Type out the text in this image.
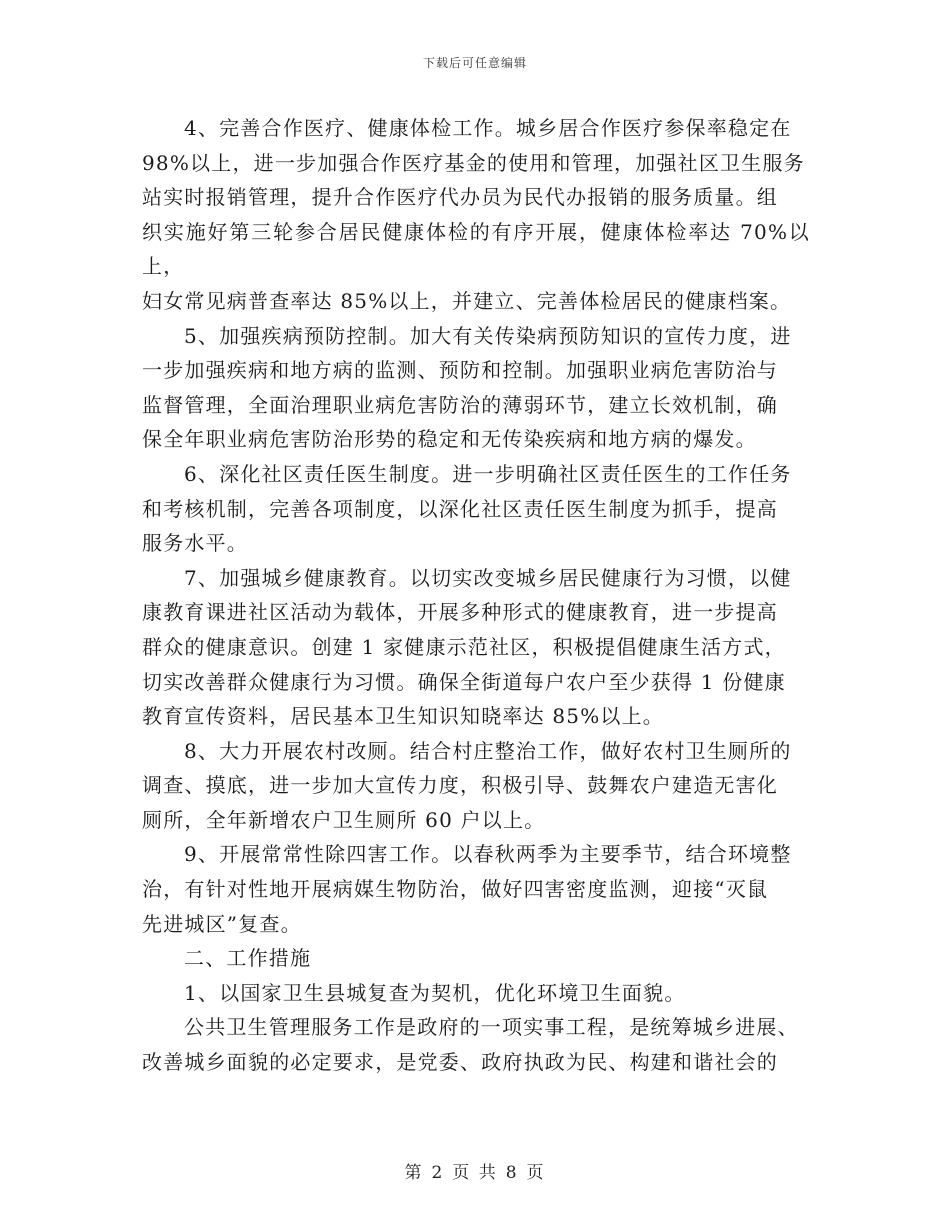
下载后可任意编辑

4、完善合作医疗、健康体检工作。城乡居合作医疗参保率稳定在
98%以上，进一步加强合作医疗基金的使用和管理，加强社区卫生服务
站实时报销管理，提升合作医疗代办员为民代办报销的服务质量。组
织实施好第三轮参合居民健康体检的有序开展，健康体检率达 70%以上，
妇女常见病普查率达 85%以上，并建立、完善体检居民的健康档案。

5、加强疾病预防控制。加大有关传染病预防知识的宣传力度，进
一步加强疾病和地方病的监测、预防和控制。加强职业病危害防治与
监督管理，全面治理职业病危害防治的薄弱环节，建立长效机制，确
保全年职业病危害防治形势的稳定和无传染疾病和地方病的爆发。

6、深化社区责任医生制度。进一步明确社区责任医生的工作任务
和考核机制，完善各项制度，以深化社区责任医生制度为抓手，提高
服务水平。

7、加强城乡健康教育。以切实改变城乡居民健康行为习惯，以健
康教育课进社区活动为载体，开展多种形式的健康教育，进一步提高
群众的健康意识。创建 1 家健康示范社区，积极提倡健康生活方式，
切实改善群众健康行为习惯。确保全街道每户农户至少获得 1 份健康
教育宣传资料，居民基本卫生知识知晓率达 85%以上。

8、大力开展农村改厕。结合村庄整治工作，做好农村卫生厕所的
调查、摸底，进一步加大宣传力度，积极引导、鼓舞农户建造无害化
厕所，全年新增农户卫生厕所 60 户以上。

9、开展常常性除四害工作。以春秋两季为主要季节，结合环境整
治，有针对性地开展病媒生物防治，做好四害密度监测，迎接“灭鼠
先进城区”复查。

二、工作措施

1、以国家卫生县城复查为契机，优化环境卫生面貌。

公共卫生管理服务工作是政府的一项实事工程，是统筹城乡进展、
改善城乡面貌的必定要求，是党委、政府执政为民、构建和谐社会的

第 2 页 共 8 页
